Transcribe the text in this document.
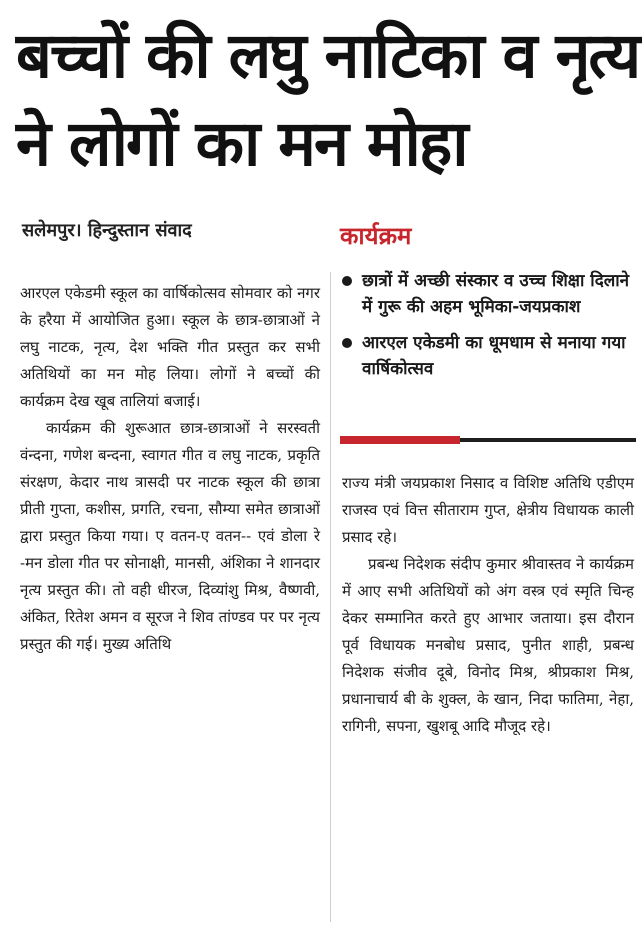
बच्चों की लघु नाटिका व नृत्य
ने लोगों का मन मोहा
सलेमपुर। हिन्दुस्तान संवाद	कार्यक्रम
छात्रों में अच्छी संस्कार व उच्च शिक्षा दिलाने में गुरू की अहम भूमिका-जयप्रकाश
आरएल एकेडमी का धूमधाम से मनाया गया वार्षिकोत्सव

आरएल एकेडमी स्कूल का वार्षिकोत्सव सोमवार को नगर के हरैया में आयोजित हुआ। स्कूल के छात्र-छात्राओं ने लघु नाटक, नृत्य, देश भक्ति गीत प्रस्तुत कर सभी अतिथियों का मन मोह लिया। लोगों ने बच्चों की कार्यक्रम देख खूब तालियां बजाई।

कार्यक्रम की शुरूआत छात्र-छात्राओं ने सरस्वती वंन्दना, गणेश बन्दना, स्वागत गीत व लघु नाटक, प्रकृति संरक्षण, केदार नाथ त्रासदी पर नाटक स्कूल की छात्रा प्रीती गुप्ता, कशीस, प्रगति, रचना, सौम्या समेत छात्राओं द्वारा प्रस्तुत किया गया। ए वतन-ए वतन-- एवं डोला रे -मन डोला गीत पर सोनाक्षी, मानसी, अंशिका ने शानदार नृत्य प्रस्तुत की। तो वही धीरज, दिव्यांशु मिश्र, वैष्णवी, अंकित, रितेश अमन व सूरज ने शिव तांण्डव पर पर नृत्य प्रस्तुत की गई। मुख्य अतिथि

राज्य मंत्री जयप्रकाश निसाद व विशिष्ट अतिथि एडीएम राजस्व एवं वित्त सीताराम गुप्त, क्षेत्रीय विधायक काली प्रसाद रहे।

प्रबन्ध निदेशक संदीप कुमार श्रीवास्तव ने कार्यक्रम में आए सभी अतिथियों को अंग वस्त्र एवं स्मृति चिन्ह देकर सम्मानित करते हुए आभार जताया। इस दौरान पूर्व विधायक मनबोध प्रसाद, पुनीत शाही, प्रबन्ध निदेशक संजीव दूबे, विनोद मिश्र, श्रीप्रकाश मिश्र, प्रधानाचार्य बी के शुक्ल, के खान, निदा फातिमा, नेहा, रागिनी, सपना, खुशबू आदि मौजूद रहे।
